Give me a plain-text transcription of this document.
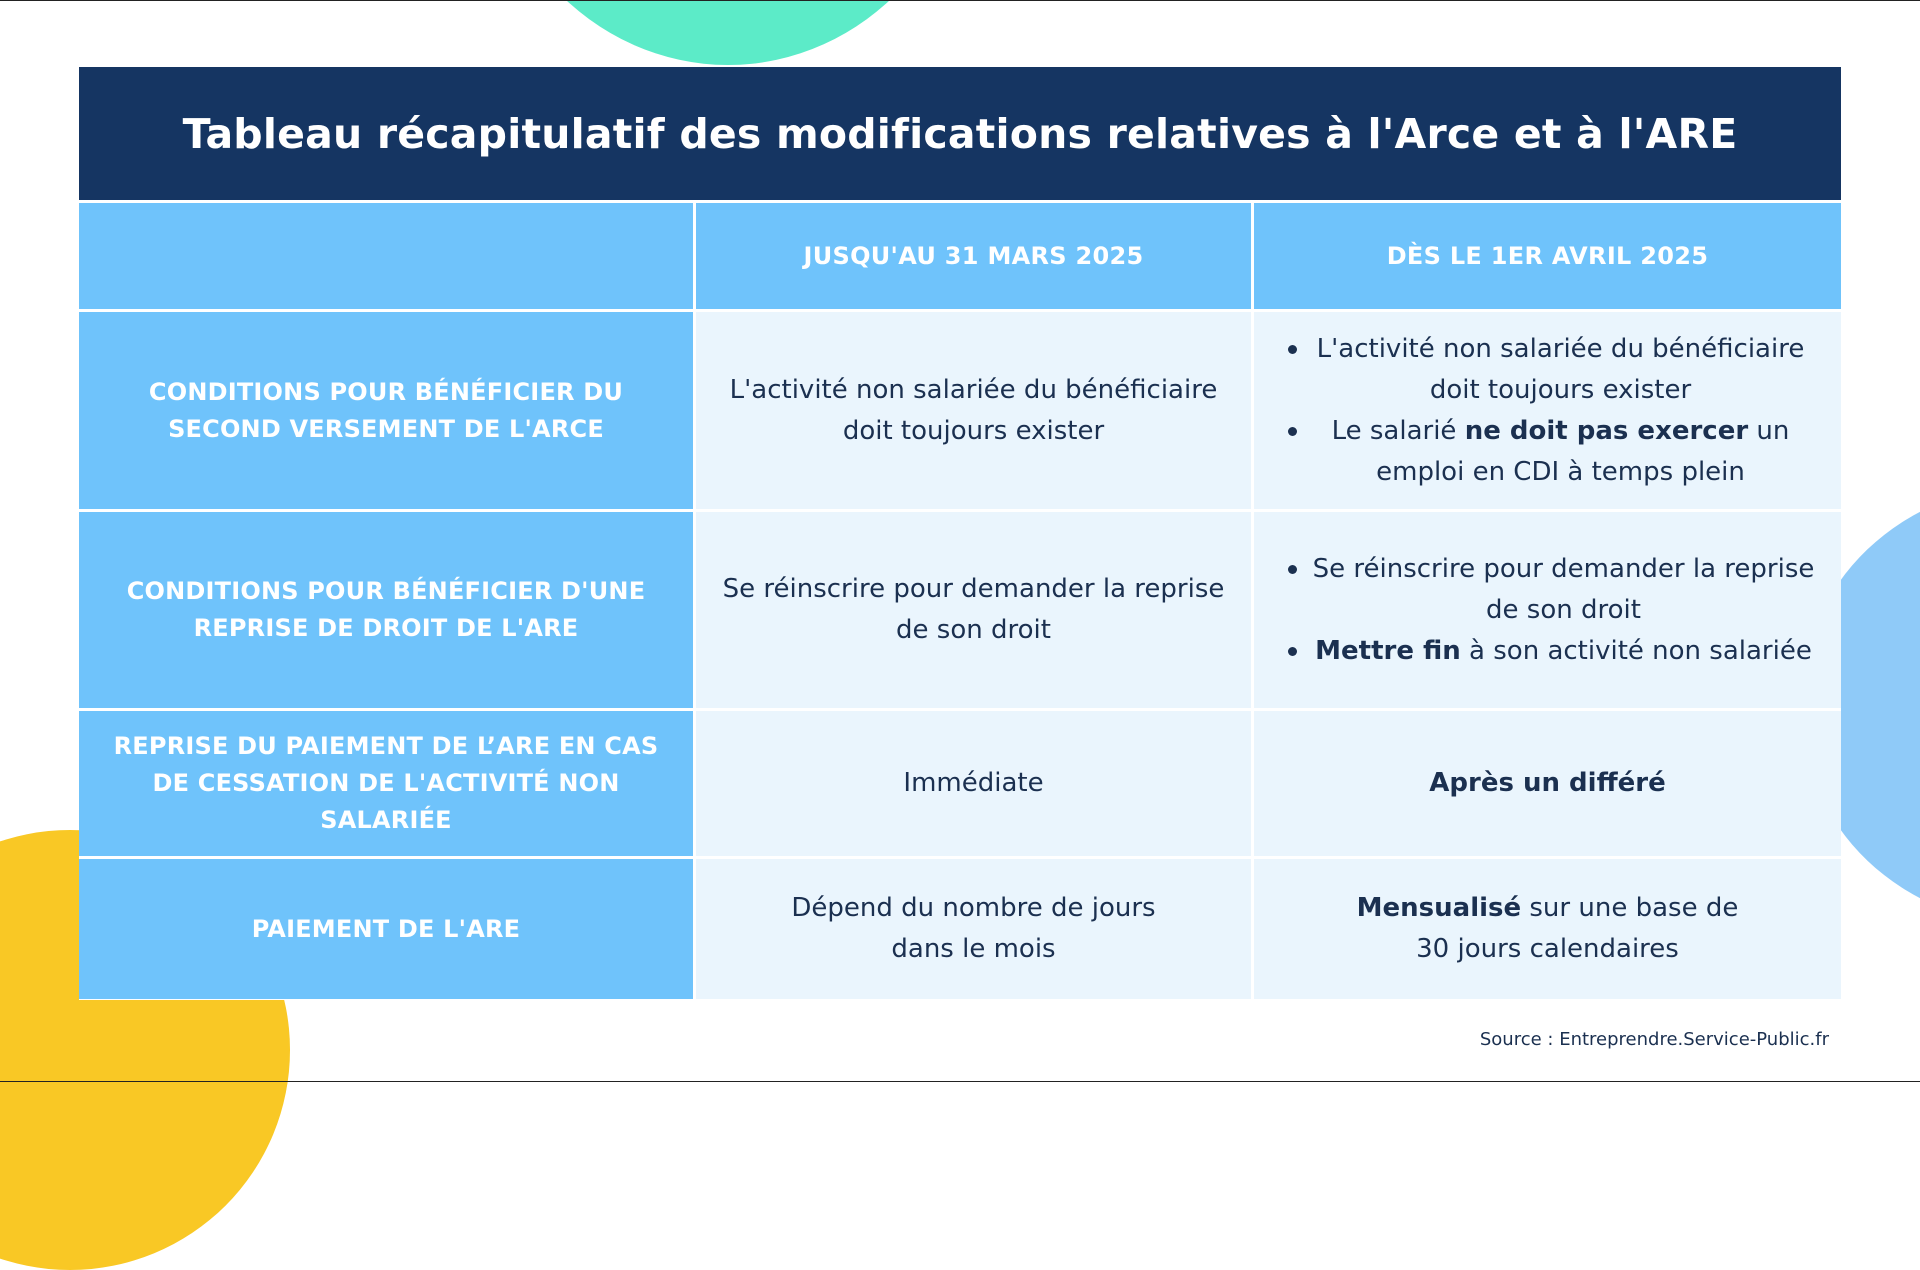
Tableau récapitulatif des modifications relatives à l'Arce et à l'ARE
JUSQU'AU 31 MARS 2025	DÈS LE 1ER AVRIL 2025
CONDITIONS POUR BÉNÉFICIER DU SECOND VERSEMENT DE L'ARCE
L'activité non salariée du bénéficiaire doit toujours exister
L'activité non salariée du bénéficiaire doit toujours exister
Le salarié ne doit pas exercer un emploi en CDI à temps plein
CONDITIONS POUR BÉNÉFICIER D'UNE REPRISE DE DROIT DE L'ARE
Se réinscrire pour demander la reprise de son droit
Se réinscrire pour demander la reprise de son droit
Mettre fin à son activité non salariée
REPRISE DU PAIEMENT DE L’ARE EN CAS DE CESSATION DE L'ACTIVITÉ NON SALARIÉE
Immédiate	Après un différé
PAIEMENT DE L'ARE
Dépend du nombre de jours dans le mois
Mensualisé sur une base de 30 jours calendaires
Source : Entreprendre.Service-Public.fr
